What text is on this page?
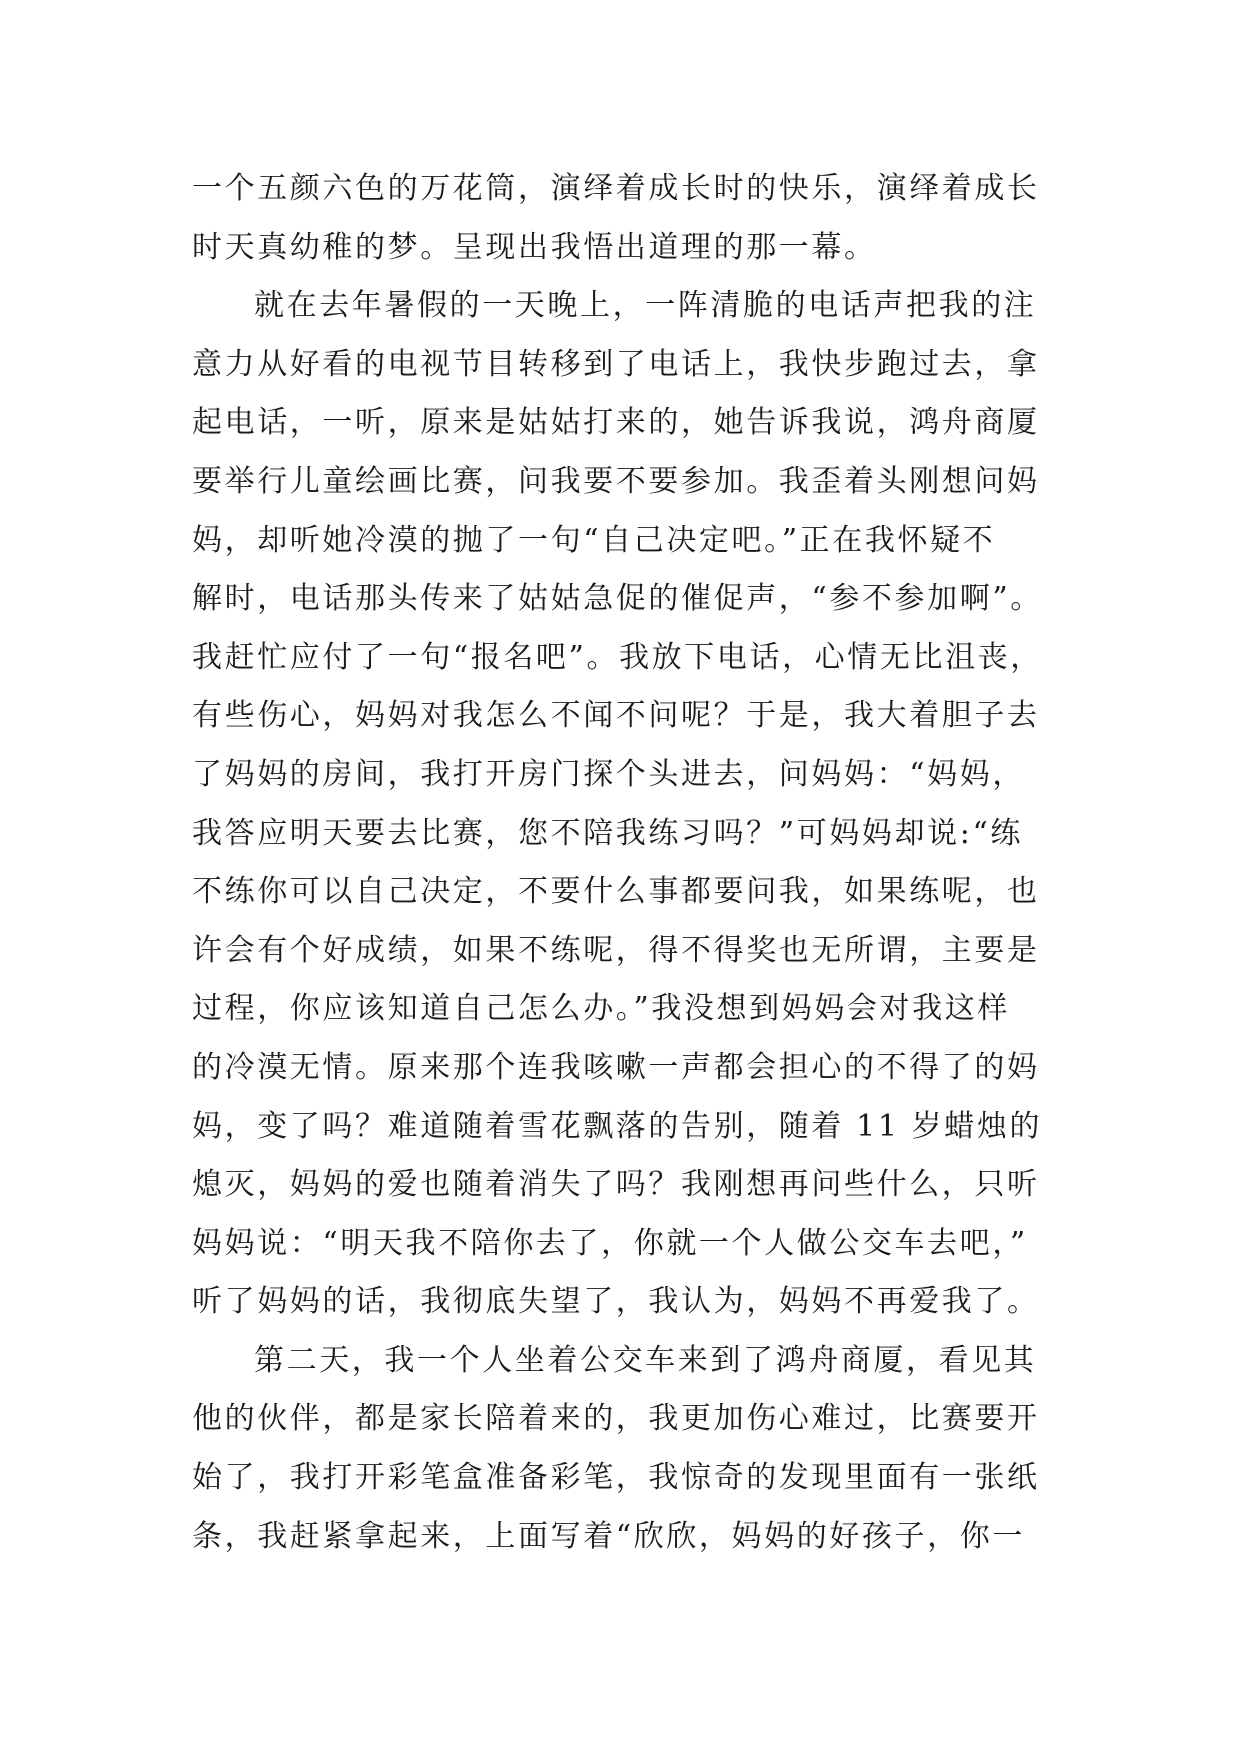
一个五颜六色的万花筒，演绎着成长时的快乐，演绎着成长
时天真幼稚的梦。呈现出我悟出道理的那一幕。
就在去年暑假的一天晚上，一阵清脆的电话声把我的注
意力从好看的电视节目转移到了电话上，我快步跑过去，拿
起电话，一听，原来是姑姑打来的，她告诉我说，鸿舟商厦
要举行儿童绘画比赛，问我要不要参加。我歪着头刚想问妈
妈，却听她冷漠的抛了一句“自己决定吧。”正在我怀疑不
解时，电话那头传来了姑姑急促的催促声，“参不参加啊”。
我赶忙应付了一句“报名吧”。我放下电话，心情无比沮丧，
有些伤心，妈妈对我怎么不闻不问呢？于是，我大着胆子去
了妈妈的房间，我打开房门探个头进去，问妈妈：“妈妈，
我答应明天要去比赛，您不陪我练习吗？”可妈妈却说:“练
不练你可以自己决定，不要什么事都要问我，如果练呢，也
许会有个好成绩，如果不练呢，得不得奖也无所谓，主要是
过程，你应该知道自己怎么办。”我没想到妈妈会对我这样
的冷漠无情。原来那个连我咳嗽一声都会担心的不得了的妈
妈，变了吗？难道随着雪花飘落的告别，随着 11 岁蜡烛的
熄灭，妈妈的爱也随着消失了吗？我刚想再问些什么，只听
妈妈说：“明天我不陪你去了，你就一个人做公交车去吧，”
听了妈妈的话，我彻底失望了，我认为，妈妈不再爱我了。
第二天，我一个人坐着公交车来到了鸿舟商厦，看见其
他的伙伴，都是家长陪着来的，我更加伤心难过，比赛要开
始了，我打开彩笔盒准备彩笔，我惊奇的发现里面有一张纸
条，我赶紧拿起来，上面写着“欣欣，妈妈的好孩子，你一
